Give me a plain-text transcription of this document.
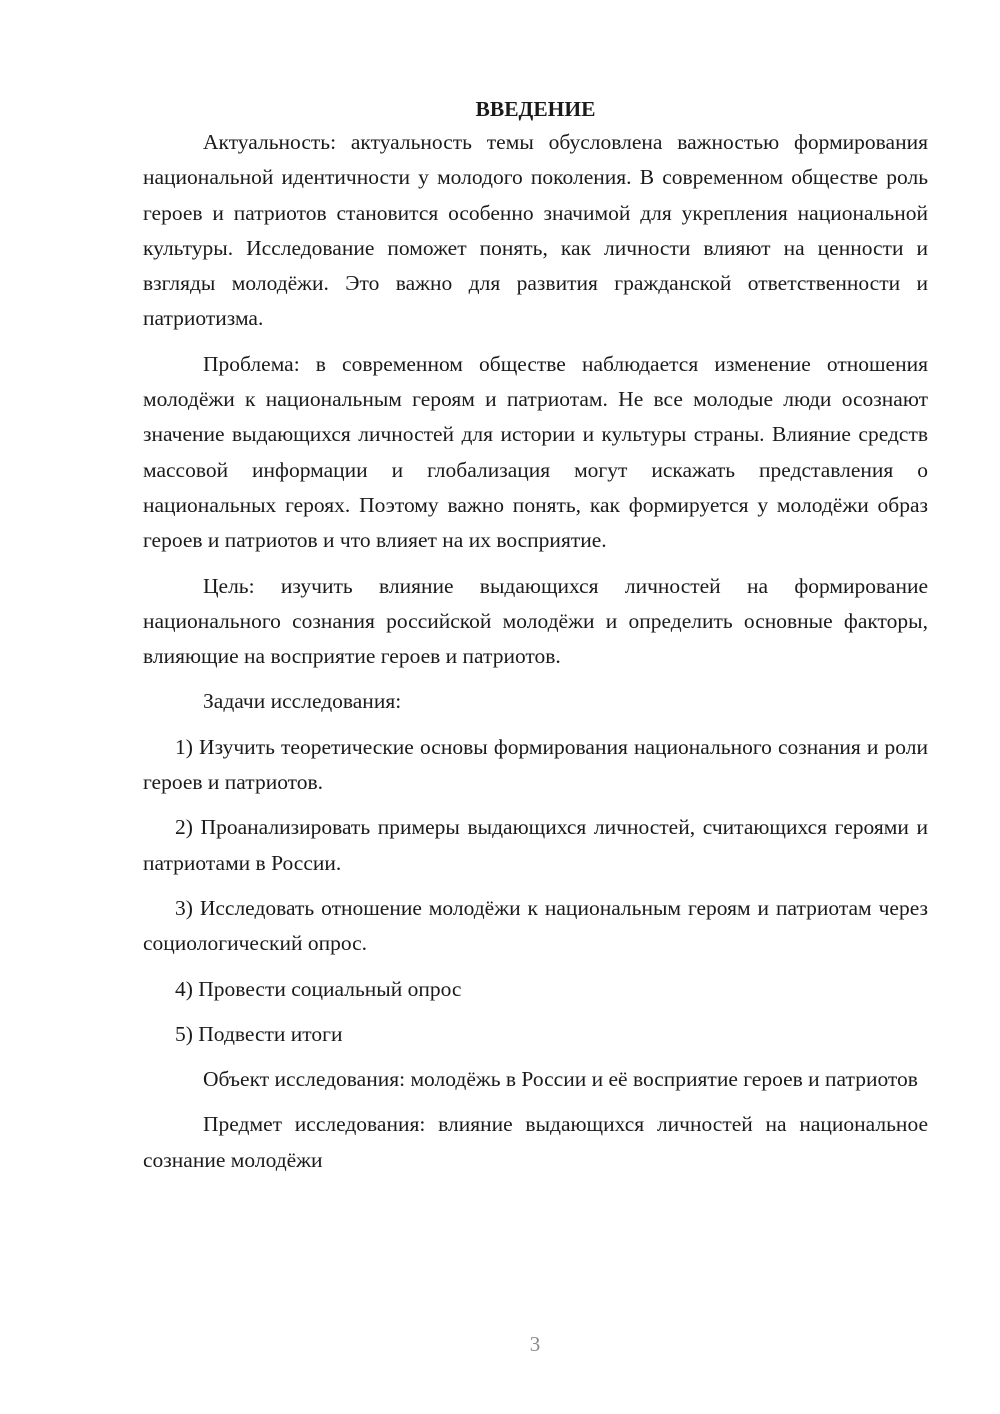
ВВЕДЕНИЕ

Актуальность: актуальность темы обусловлена важностью формирования национальной идентичности у молодого поколения. В современном обществе роль героев и патриотов становится особенно значимой для укрепления национальной культуры. Исследование поможет понять, как личности влияют на ценности и взгляды молодёжи. Это важно для развития гражданской ответственности и патриотизма.

Проблема: в современном обществе наблюдается изменение отношения молодёжи к национальным героям и патриотам. Не все молодые люди осознают значение выдающихся личностей для истории и культуры страны. Влияние средств массовой информации и глобализация могут искажать представления о национальных героях. Поэтому важно понять, как формируется у молодёжи образ героев и патриотов и что влияет на их восприятие.

Цель: изучить влияние выдающихся личностей на формирование национального сознания российской молодёжи и определить основные факторы, влияющие на восприятие героев и патриотов.

Задачи исследования:

1) Изучить теоретические основы формирования национального сознания и роли героев и патриотов.

2) Проанализировать примеры выдающихся личностей, считающихся героями и патриотами в России.

3) Исследовать отношение молодёжи к национальным героям и патриотам через социологический опрос.

4) Провести социальный опрос

5) Подвести итоги

Объект исследования: молодёжь в России и её восприятие героев и патриотов

Предмет исследования: влияние выдающихся личностей на национальное сознание молодёжи

3
